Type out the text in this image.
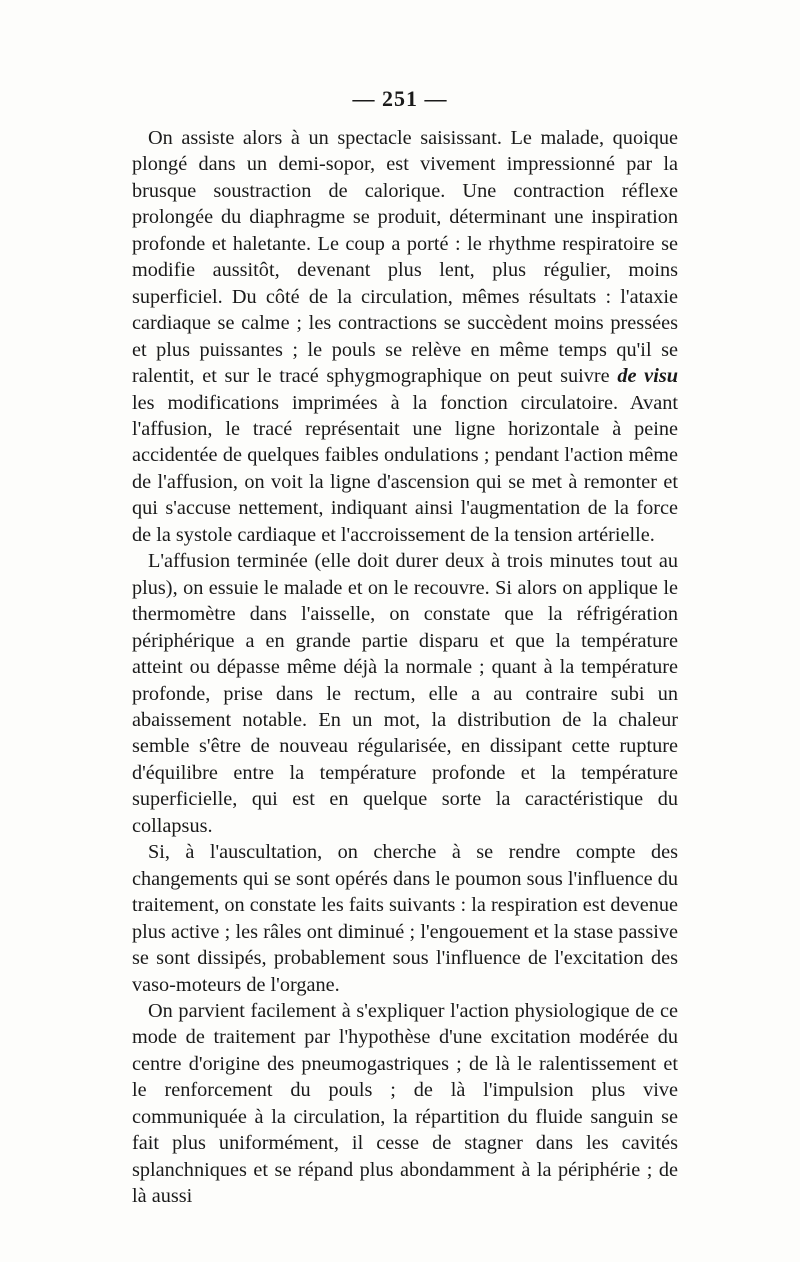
— 251 —

On assiste alors à un spectacle saisissant. Le malade, quoique plongé dans un demi-sopor, est vivement impressionné par la brusque soustraction de calorique. Une contraction réflexe prolongée du diaphragme se produit, déterminant une inspiration profonde et haletante. Le coup a porté : le rhythme respiratoire se modifie aussitôt, devenant plus lent, plus régulier, moins superficiel. Du côté de la circulation, mêmes résultats : l'ataxie cardiaque se calme ; les contractions se succèdent moins pressées et plus puissantes ; le pouls se relève en même temps qu'il se ralentit, et sur le tracé sphygmographique on peut suivre de visu les modifications imprimées à la fonction circulatoire. Avant l'affusion, le tracé représentait une ligne horizontale à peine accidentée de quelques faibles ondulations ; pendant l'action même de l'affusion, on voit la ligne d'ascension qui se met à remonter et qui s'accuse nettement, indiquant ainsi l'augmentation de la force de la systole cardiaque et l'accroissement de la tension artérielle.

L'affusion terminée (elle doit durer deux à trois minutes tout au plus), on essuie le malade et on le recouvre. Si alors on applique le thermomètre dans l'aisselle, on constate que la réfrigération périphérique a en grande partie disparu et que la température atteint ou dépasse même déjà la normale ; quant à la température profonde, prise dans le rectum, elle a au contraire subi un abaissement notable. En un mot, la distribution de la chaleur semble s'être de nouveau régularisée, en dissipant cette rupture d'équilibre entre la température profonde et la température superficielle, qui est en quelque sorte la caractéristique du collapsus.

Si, à l'auscultation, on cherche à se rendre compte des changements qui se sont opérés dans le poumon sous l'influence du traitement, on constate les faits suivants : la respiration est devenue plus active ; les râles ont diminué ; l'engouement et la stase passive se sont dissipés, probablement sous l'influence de l'excitation des vaso-moteurs de l'organe.

On parvient facilement à s'expliquer l'action physiologique de ce mode de traitement par l'hypothèse d'une excitation modérée du centre d'origine des pneumogastriques ; de là le ralentissement et le renforcement du pouls ; de là l'impulsion plus vive communiquée à la circulation, la répartition du fluide sanguin se fait plus uniformément, il cesse de stagner dans les cavités splanchniques et se répand plus abondamment à la périphérie ; de là aussi
